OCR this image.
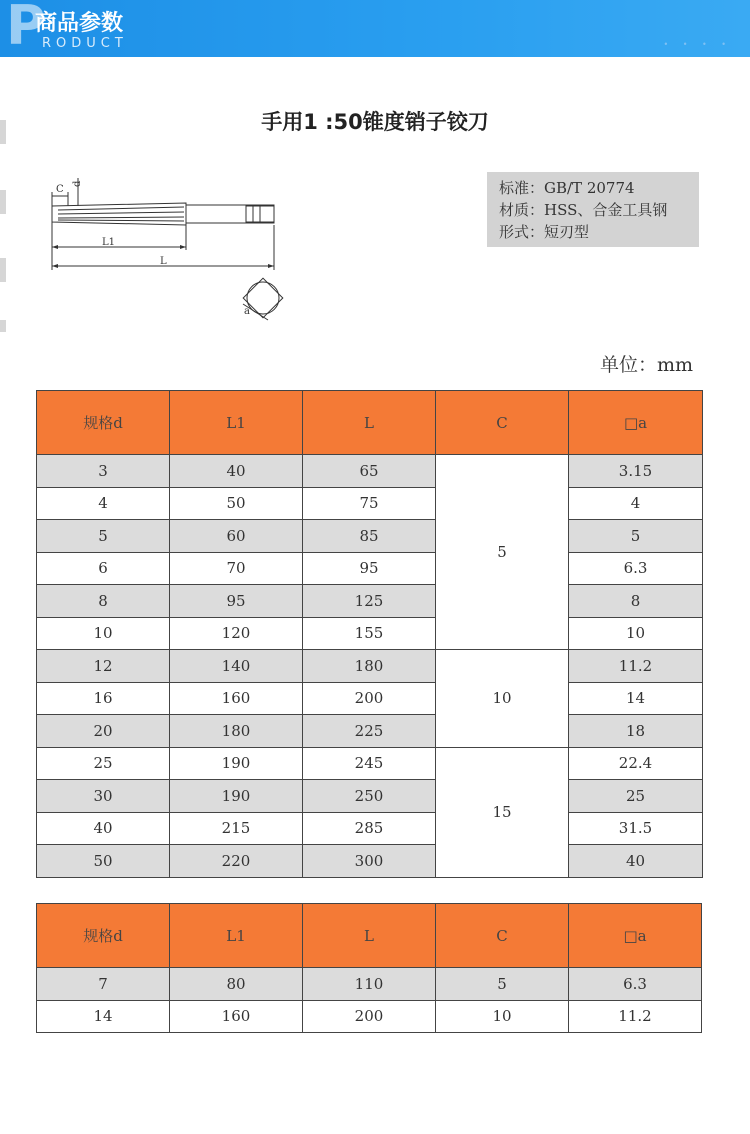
P
商品参数
RODUCT	• • • •
手用1 :50锥度销子铰刀
C
d
L1
L
a
标准：GB/T 20774
材质：HSS、合金工具钢
形式：短刃型
单位：mm
规格d	L1	L	C	□a
3	40	65	5	3.15
4	50	75		4
5	60	85		5
6	70	95		6.3
8	95	125		8
10	120	155		10
12	140	180	10	11.2
16	160	200		14
20	180	225		18
25	190	245	15	22.4
30	190	250		25
40	215	285		31.5
50	220	300		40
规格d	L1	L	C	□a
7	80	110	5	6.3
14	160	200	10	11.2
